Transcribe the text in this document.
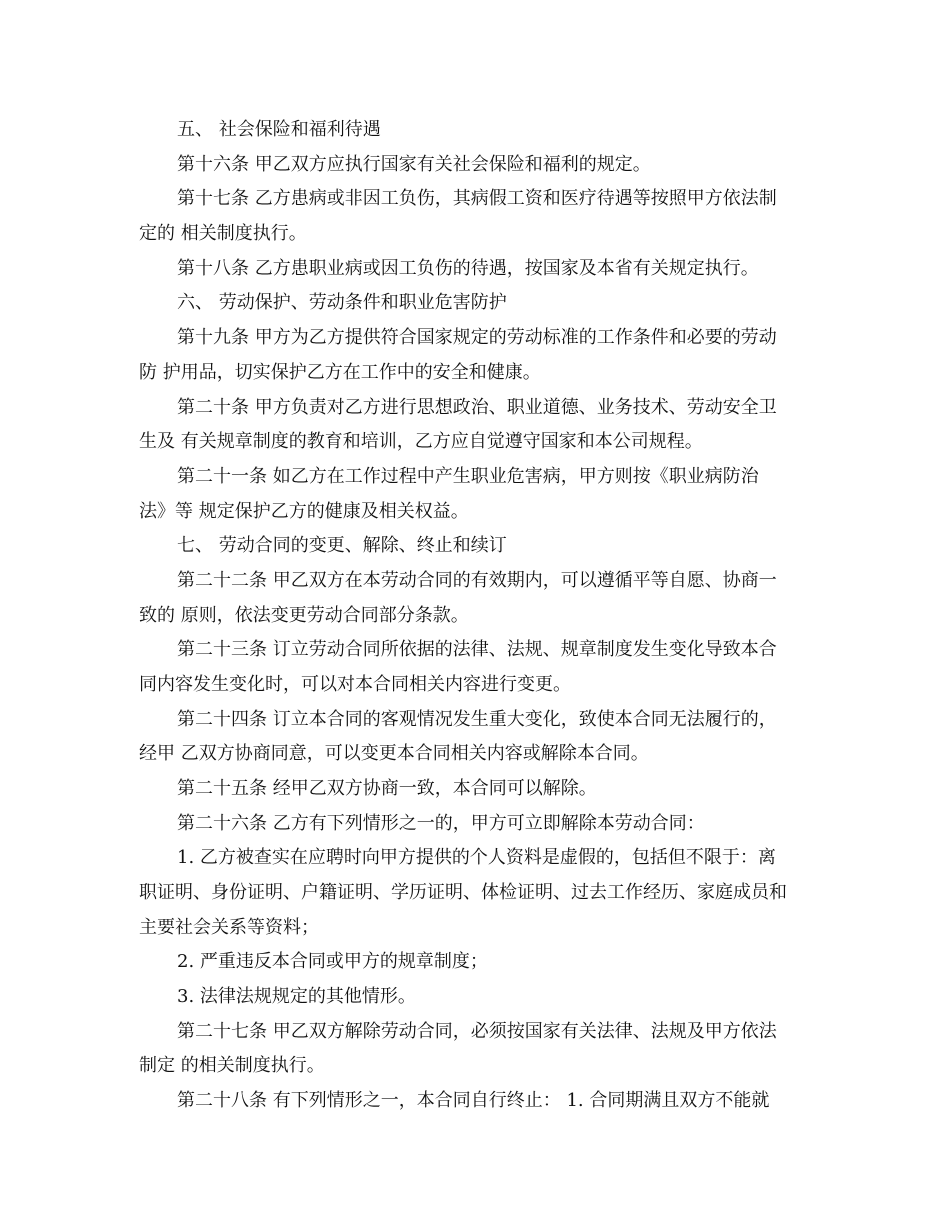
五、 社会保险和福利待遇
第十六条 甲乙双方应执行国家有关社会保险和福利的规定。
第十七条 乙方患病或非因工负伤，其病假工资和医疗待遇等按照甲方依法制
定的 相关制度执行。
第十八条 乙方患职业病或因工负伤的待遇，按国家及本省有关规定执行。
六、 劳动保护、劳动条件和职业危害防护
第十九条 甲方为乙方提供符合国家规定的劳动标准的工作条件和必要的劳动
防 护用品，切实保护乙方在工作中的安全和健康。
第二十条 甲方负责对乙方进行思想政治、职业道德、业务技术、劳动安全卫
生及 有关规章制度的教育和培训，乙方应自觉遵守国家和本公司规程。
第二十一条 如乙方在工作过程中产生职业危害病，甲方则按《职业病防治
法》等 规定保护乙方的健康及相关权益。
七、 劳动合同的变更、解除、终止和续订
第二十二条 甲乙双方在本劳动合同的有效期内，可以遵循平等自愿、协商一
致的 原则，依法变更劳动合同部分条款。
第二十三条 订立劳动合同所依据的法律、法规、规章制度发生变化导致本合
同内容发生变化时，可以对本合同相关内容进行变更。
第二十四条 订立本合同的客观情况发生重大变化，致使本合同无法履行的，
经甲 乙双方协商同意，可以变更本合同相关内容或解除本合同。
第二十五条 经甲乙双方协商一致，本合同可以解除。
第二十六条 乙方有下列情形之一的，甲方可立即解除本劳动合同：
1. 乙方被查实在应聘时向甲方提供的个人资料是虚假的，包括但不限于：离
职证明、身份证明、户籍证明、学历证明、体检证明、过去工作经历、家庭成员和
主要社会关系等资料；
2. 严重违反本合同或甲方的规章制度；
3. 法律法规规定的其他情形。
第二十七条 甲乙双方解除劳动合同，必须按国家有关法律、法规及甲方依法
制定 的相关制度执行。
第二十八条 有下列情形之一，本合同自行终止： 1. 合同期满且双方不能就
